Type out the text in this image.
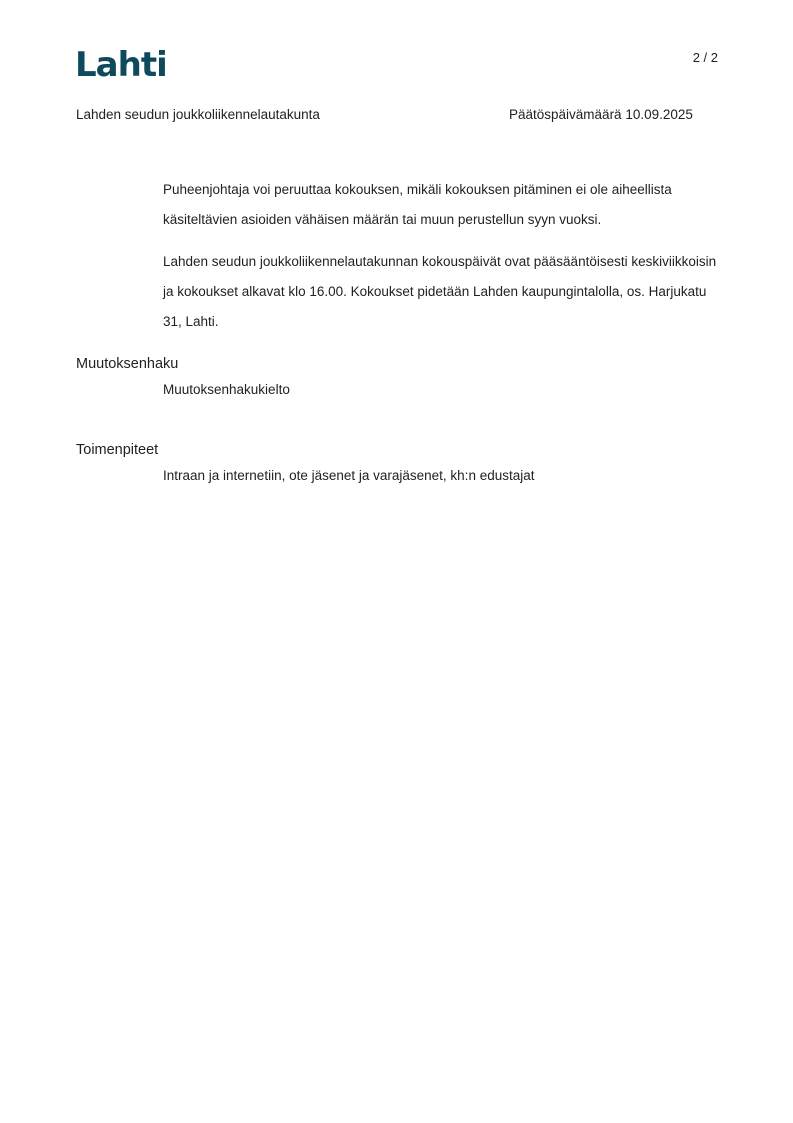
Lahti	2 / 2
Lahden seudun joukkoliikennelautakunta	Päätöspäivämäärä 10.09.2025

Puheenjohtaja voi peruuttaa kokouksen, mikäli kokouksen pitäminen ei ole aiheellista käsiteltävien asioiden vähäisen määrän tai muun perustellun syyn vuoksi.

Lahden seudun joukkoliikennelautakunnan kokouspäivät ovat pääsääntöisesti keskiviikkoisin ja kokoukset alkavat klo 16.00. Kokoukset pidetään Lahden kaupungintalolla, os. Harjukatu 31, Lahti.

Muutoksenhaku
Muutoksenhakukielto
Toimenpiteet
Intraan ja internetiin, ote jäsenet ja varajäsenet, kh:n edustajat
